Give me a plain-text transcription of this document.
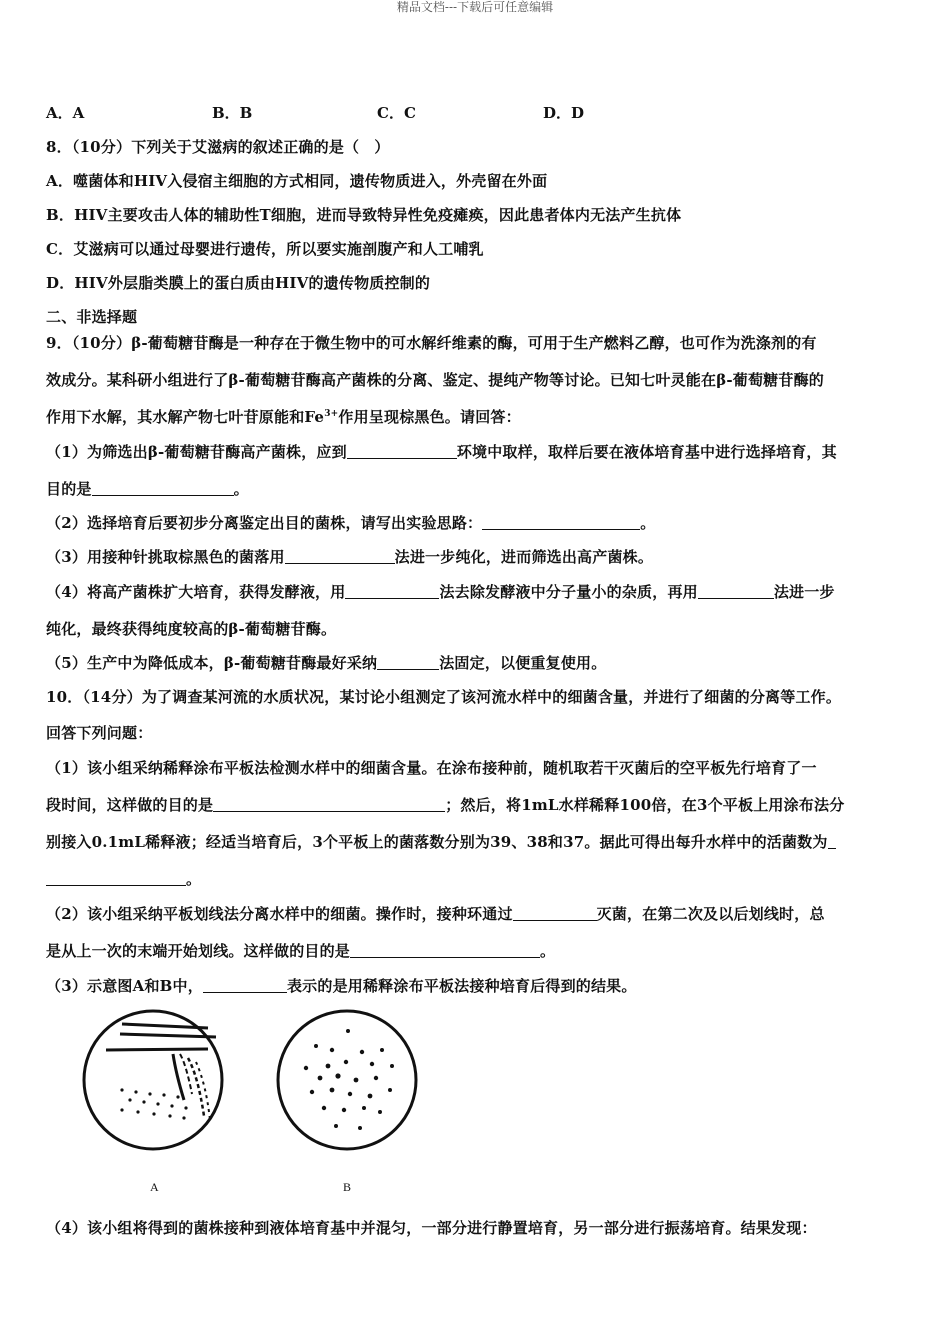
精品文档---下载后可任意编辑
A．A	B．B	C．C	D．D
8．（10分）下列关于艾滋病的叙述正确的是（　）
A．噬菌体和HIV入侵宿主细胞的方式相同，遗传物质进入，外壳留在外面
B．HIV主要攻击人体的辅助性T细胞，进而导致特异性免疫瘫痪，因此患者体内无法产生抗体
C．艾滋病可以通过母婴进行遗传，所以要实施剖腹产和人工哺乳
D．HIV外层脂类膜上的蛋白质由HIV的遗传物质控制的
二、非选择题
9．（10分）β-葡萄糖苷酶是一种存在于微生物中的可水解纤维素的酶，可用于生产燃料乙醇，也可作为洗涤剂的有
效成分。某科研小组进行了β-葡萄糖苷酶高产菌株的分离、鉴定、提纯产物等讨论。已知七叶灵能在β-葡萄糖苷酶的
作用下水解，其水解产物七叶苷原能和$Fe^{3+}$作用呈现棕黑色。请回答：
（1）为筛选出β-葡萄糖苷酶高产菌株，应到	环境中取样，取样后要在液体培育基中进行选择培育，其
目的是	。
（2）选择培育后要初步分离鉴定出目的菌株，请写出实验思路：	。
（3）用接种针挑取棕黑色的菌落用	法进一步纯化，进而筛选出高产菌株。
（4）将高产菌株扩大培育，获得发酵液，用	法去除发酵液中分子量小的杂质，再用	法进一步
纯化，最终获得纯度较高的β-葡萄糖苷酶。
（5）生产中为降低成本，β-葡萄糖苷酶最好采纳	法固定，以便重复使用。
10．（14分）为了调查某河流的水质状况，某讨论小组测定了该河流水样中的细菌含量，并进行了细菌的分离等工作。
回答下列问题：
（1）该小组采纳稀释涂布平板法检测水样中的细菌含量。在涂布接种前，随机取若干灭菌后的空平板先行培育了一
段时间，这样做的目的是	；然后，将1mL水样稀释100倍，在3个平板上用涂布法分
别接入0.1mL稀释液；经适当培育后，3个平板上的菌落数分别为39、38和37。据此可得出每升水样中的活菌数为
。
（2）该小组采纳平板划线法分离水样中的细菌。操作时，接种环通过	灭菌，在第二次及以后划线时，总
是从上一次的末端开始划线。这样做的目的是	。
（3）示意图A和B中，	表示的是用稀释涂布平板法接种培育后得到的结果。
A	B
（4）该小组将得到的菌株接种到液体培育基中并混匀，一部分进行静置培育，另一部分进行振荡培育。结果发现：
